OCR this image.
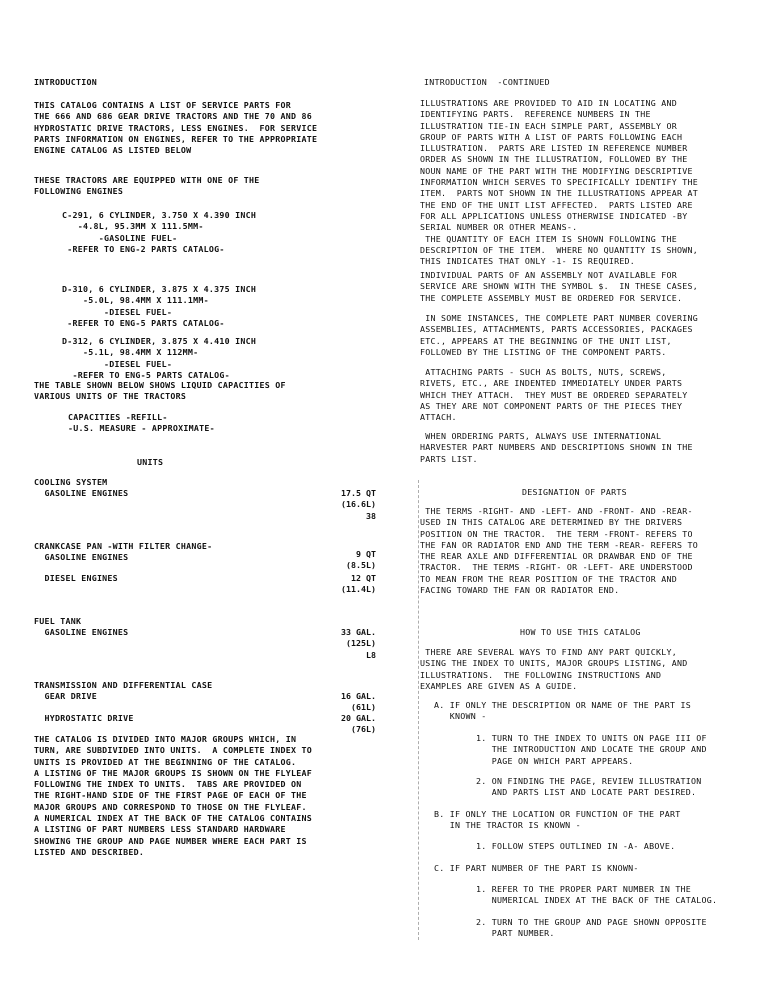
INTRODUCTION
THIS CATALOG CONTAINS A LIST OF SERVICE PARTS FOR
THE 666 AND 686 GEAR DRIVE TRACTORS AND THE 70 AND 86
HYDROSTATIC DRIVE TRACTORS, LESS ENGINES.  FOR SERVICE
PARTS INFORMATION ON ENGINES, REFER TO THE APPROPRIATE
ENGINE CATALOG AS LISTED BELOW
THESE TRACTORS ARE EQUIPPED WITH ONE OF THE
FOLLOWING ENGINES
C-291, 6 CYLINDER, 3.750 X 4.390 INCH
-4.8L, 95.3MM X 111.5MM-
-GASOLINE FUEL-
-REFER TO ENG-2 PARTS CATALOG-
D-310, 6 CYLINDER, 3.875 X 4.375 INCH
-5.0L, 98.4MM X 111.1MM-
-DIESEL FUEL-
-REFER TO ENG-5 PARTS CATALOG-
D-312, 6 CYLINDER, 3.875 X 4.410 INCH
-5.1L, 98.4MM X 112MM-
-DIESEL FUEL-
-REFER TO ENG-5 PARTS CATALOG-
THE TABLE SHOWN BELOW SHOWS LIQUID CAPACITIES OF
VARIOUS UNITS OF THE TRACTORS
CAPACITIES -REFILL-
-U.S. MEASURE - APPROXIMATE-
UNITS
COOLING SYSTEM
GASOLINE ENGINES	17.5 QT
(16.6L)
38
CRANKCASE PAN -WITH FILTER CHANGE-
GASOLINE ENGINES	9 QT
(8.5L)
DIESEL ENGINES	12 QT
(11.4L)
FUEL TANK
GASOLINE ENGINES	33 GAL.
(125L)
L8
TRANSMISSION AND DIFFERENTIAL CASE
GEAR DRIVE	16 GAL.
(61L)
HYDROSTATIC DRIVE	20 GAL.
(76L)
THE CATALOG IS DIVIDED INTO MAJOR GROUPS WHICH, IN
TURN, ARE SUBDIVIDED INTO UNITS.  A COMPLETE INDEX TO
UNITS IS PROVIDED AT THE BEGINNING OF THE CATALOG.
A LISTING OF THE MAJOR GROUPS IS SHOWN ON THE FLYLEAF
FOLLOWING THE INDEX TO UNITS.  TABS ARE PROVIDED ON
THE RIGHT-HAND SIDE OF THE FIRST PAGE OF EACH OF THE
MAJOR GROUPS AND CORRESPOND TO THOSE ON THE FLYLEAF.
A NUMERICAL INDEX AT THE BACK OF THE CATALOG CONTAINS
A LISTING OF PART NUMBERS LESS STANDARD HARDWARE
SHOWING THE GROUP AND PAGE NUMBER WHERE EACH PART IS
LISTED AND DESCRIBED.
INTRODUCTION  -CONTINUED
ILLUSTRATIONS ARE PROVIDED TO AID IN LOCATING AND
IDENTIFYING PARTS.  REFERENCE NUMBERS IN THE
ILLUSTRATION TIE-IN EACH SIMPLE PART, ASSEMBLY OR
GROUP OF PARTS WITH A LIST OF PARTS FOLLOWING EACH
ILLUSTRATION.  PARTS ARE LISTED IN REFERENCE NUMBER
ORDER AS SHOWN IN THE ILLUSTRATION, FOLLOWED BY THE
NOUN NAME OF THE PART WITH THE MODIFYING DESCRIPTIVE
INFORMATION WHICH SERVES TO SPECIFICALLY IDENTIFY THE
ITEM.  PARTS NOT SHOWN IN THE ILLUSTRATIONS APPEAR AT
THE END OF THE UNIT LIST AFFECTED.  PARTS LISTED ARE
FOR ALL APPLICATIONS UNLESS OTHERWISE INDICATED -BY
SERIAL NUMBER OR OTHER MEANS-.
THE QUANTITY OF EACH ITEM IS SHOWN FOLLOWING THE
DESCRIPTION OF THE ITEM.  WHERE NO QUANTITY IS SHOWN,
THIS INDICATES THAT ONLY -1- IS REQUIRED.
INDIVIDUAL PARTS OF AN ASSEMBLY NOT AVAILABLE FOR
SERVICE ARE SHOWN WITH THE SYMBOL $.  IN THESE CASES,
THE COMPLETE ASSEMBLY MUST BE ORDERED FOR SERVICE.
IN SOME INSTANCES, THE COMPLETE PART NUMBER COVERING
ASSEMBLIES, ATTACHMENTS, PARTS ACCESSORIES, PACKAGES
ETC., APPEARS AT THE BEGINNING OF THE UNIT LIST,
FOLLOWED BY THE LISTING OF THE COMPONENT PARTS.
ATTACHING PARTS - SUCH AS BOLTS, NUTS, SCREWS,
RIVETS, ETC., ARE INDENTED IMMEDIATELY UNDER PARTS
WHICH THEY ATTACH.  THEY MUST BE ORDERED SEPARATELY
AS THEY ARE NOT COMPONENT PARTS OF THE PIECES THEY
ATTACH.
WHEN ORDERING PARTS, ALWAYS USE INTERNATIONAL
HARVESTER PART NUMBERS AND DESCRIPTIONS SHOWN IN THE
PARTS LIST.
DESIGNATION OF PARTS
THE TERMS -RIGHT- AND -LEFT- AND -FRONT- AND -REAR-
USED IN THIS CATALOG ARE DETERMINED BY THE DRIVERS
POSITION ON THE TRACTOR.  THE TERM -FRONT- REFERS TO
THE FAN OR RADIATOR END AND THE TERM -REAR- REFERS TO
THE REAR AXLE AND DIFFERENTIAL OR DRAWBAR END OF THE
TRACTOR.  THE TERMS -RIGHT- OR -LEFT- ARE UNDERSTOOD
TO MEAN FROM THE REAR POSITION OF THE TRACTOR AND
FACING TOWARD THE FAN OR RADIATOR END.
HOW TO USE THIS CATALOG
THERE ARE SEVERAL WAYS TO FIND ANY PART QUICKLY,
USING THE INDEX TO UNITS, MAJOR GROUPS LISTING, AND
ILLUSTRATIONS.  THE FOLLOWING INSTRUCTIONS AND
EXAMPLES ARE GIVEN AS A GUIDE.
A. IF ONLY THE DESCRIPTION OR NAME OF THE PART IS
KNOWN -
1. TURN TO THE INDEX TO UNITS ON PAGE III OF
THE INTRODUCTION AND LOCATE THE GROUP AND
PAGE ON WHICH PART APPEARS.
2. ON FINDING THE PAGE, REVIEW ILLUSTRATION
AND PARTS LIST AND LOCATE PART DESIRED.
B. IF ONLY THE LOCATION OR FUNCTION OF THE PART
IN THE TRACTOR IS KNOWN -
1. FOLLOW STEPS OUTLINED IN -A- ABOVE.
C. IF PART NUMBER OF THE PART IS KNOWN-
1. REFER TO THE PROPER PART NUMBER IN THE
NUMERICAL INDEX AT THE BACK OF THE CATALOG.
2. TURN TO THE GROUP AND PAGE SHOWN OPPOSITE
PART NUMBER.
